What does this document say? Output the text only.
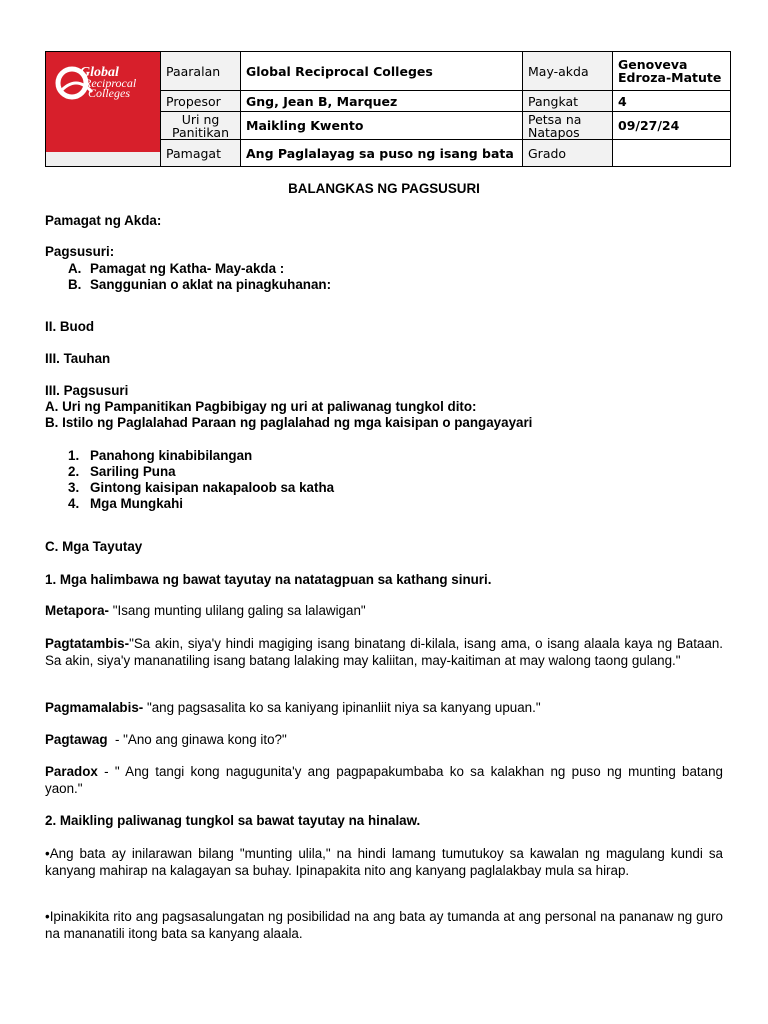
Global
Reciprocal
Colleges	Paaralan	Global Reciprocal Colleges	May-akda	Genoveva Edroza-Matute
	Propesor	Gng, Jean B, Marquez	Pangkat	4
	Uri ng Panitikan	Maikling Kwento	Petsa na Natapos	09/27/24
	Pamagat	Ang Paglalayag sa puso ng isang bata	Grado	
BALANGKAS NG PAGSUSURI
Pamagat ng Akda:
Pagsusuri:
A. Pamagat ng Katha- May-akda :
B. Sanggunian o aklat na pinagkuhanan:
II. Buod
III. Tauhan
III. Pagsusuri
A. Uri ng Pampanitikan Pagbibigay ng uri at paliwanag tungkol dito:
B. Istilo ng Paglalahad Paraan ng paglalahad ng mga kaisipan o pangayayari
1. Panahong kinabibilangan
2. Sariling Puna
3. Gintong kaisipan nakapaloob sa katha
4. Mga Mungkahi
C. Mga Tayutay
1. Mga halimbawa ng bawat tayutay na natatagpuan sa kathang sinuri.
Metapora- "Isang munting ulilang galing sa lalawigan"
Pagtatambis-"Sa akin, siya'y hindi magiging isang binatang di-kilala, isang ama, o isang alaala kaya ng Bataan. Sa akin, siya'y mananatiling isang batang lalaking may kaliitan, may-kaitiman at may walong taong gulang."
Pagmamalabis- "ang pagsasalita ko sa kaniyang ipinanliit niya sa kanyang upuan."
Pagtawag  - "Ano ang ginawa kong ito?"
Paradox - " Ang tangi kong nagugunita'y ang pagpapakumbaba ko sa kalakhan ng puso ng munting batang yaon."
2. Maikling paliwanag tungkol sa bawat tayutay na hinalaw.
•Ang bata ay inilarawan bilang "munting ulila," na hindi lamang tumutukoy sa kawalan ng magulang kundi sa kanyang mahirap na kalagayan sa buhay. Ipinapakita nito ang kanyang paglalakbay mula sa hirap.
•Ipinakikita rito ang pagsasalungatan ng posibilidad na ang bata ay tumanda at ang personal na pananaw ng guro na mananatili itong bata sa kanyang alaala.
